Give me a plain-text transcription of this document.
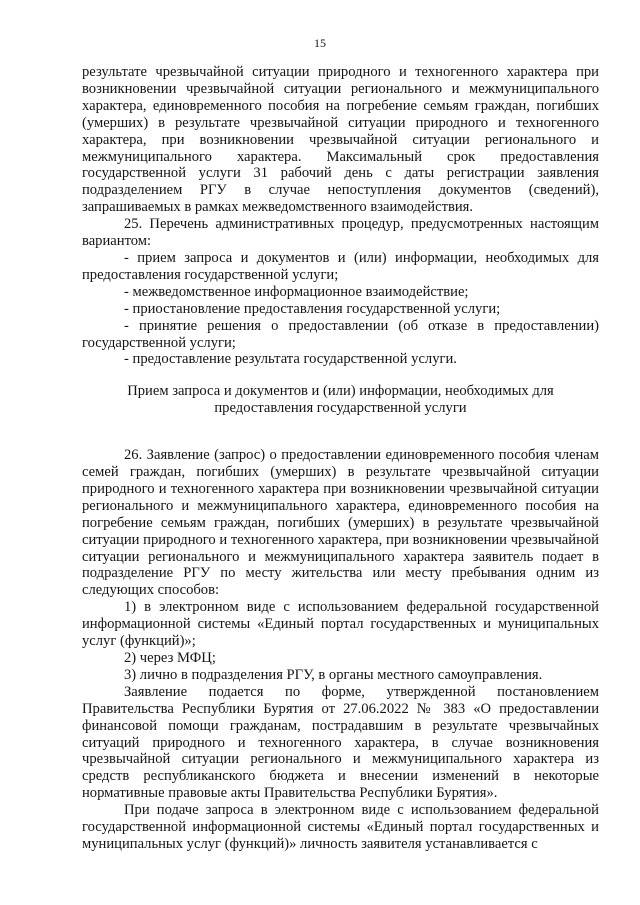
15

результате чрезвычайной ситуации природного и техногенного характера при возникновении чрезвычайной ситуации регионального и межмуниципального характера, единовременного пособия на погребение семьям граждан, погибших (умерших) в результате чрезвычайной ситуации природного и техногенного характера, при возникновении чрезвычайной ситуации регионального и межмуниципального характера. Максимальный срок предоставления государственной услуги 31 рабочий день с даты регистрации заявления подразделением РГУ в случае непоступления документов (сведений), запрашиваемых в рамках межведомственного взаимодействия.

25. Перечень административных процедур, предусмотренных настоящим вариантом:

- прием запроса и документов и (или) информации, необходимых для предоставления государственной услуги;

- межведомственное информационное взаимодействие;

- приостановление предоставления государственной услуги;

- принятие решения о предоставлении (об отказе в предоставлении) государственной услуги;

- предоставление результата государственной услуги.

Прием запроса и документов и (или) информации, необходимых для предоставления государственной услуги

26. Заявление (запрос) о предоставлении единовременного пособия членам семей граждан, погибших (умерших) в результате чрезвычайной ситуации природного и техногенного характера при возникновении чрезвычайной ситуации регионального и межмуниципального характера, единовременного пособия на погребение семьям граждан, погибших (умерших) в результате чрезвычайной ситуации природного и техногенного характера, при возникновении чрезвычайной ситуации регионального и межмуниципального характера заявитель подает в подразделение РГУ по месту жительства или месту пребывания одним из следующих способов:

1) в электронном виде с использованием федеральной государственной информационной системы «Единый портал государственных и муниципальных услуг (функций)»;

2) через МФЦ;

3) лично в подразделения РГУ, в органы местного самоуправления.

Заявление подается по форме, утвержденной постановлением Правительства Республики Бурятия от 27.06.2022 № 383 «О предоставлении финансовой помощи гражданам, пострадавшим в результате чрезвычайных ситуаций природного и техногенного характера, в случае возникновения чрезвычайной ситуации регионального и межмуниципального характера из средств республиканского бюджета и внесении изменений в некоторые нормативные правовые акты Правительства Республики Бурятия».

При подаче запроса в электронном виде с использованием федеральной государственной информационной системы «Единый портал государственных и муниципальных услуг (функций)» личность заявителя устанавливается с
